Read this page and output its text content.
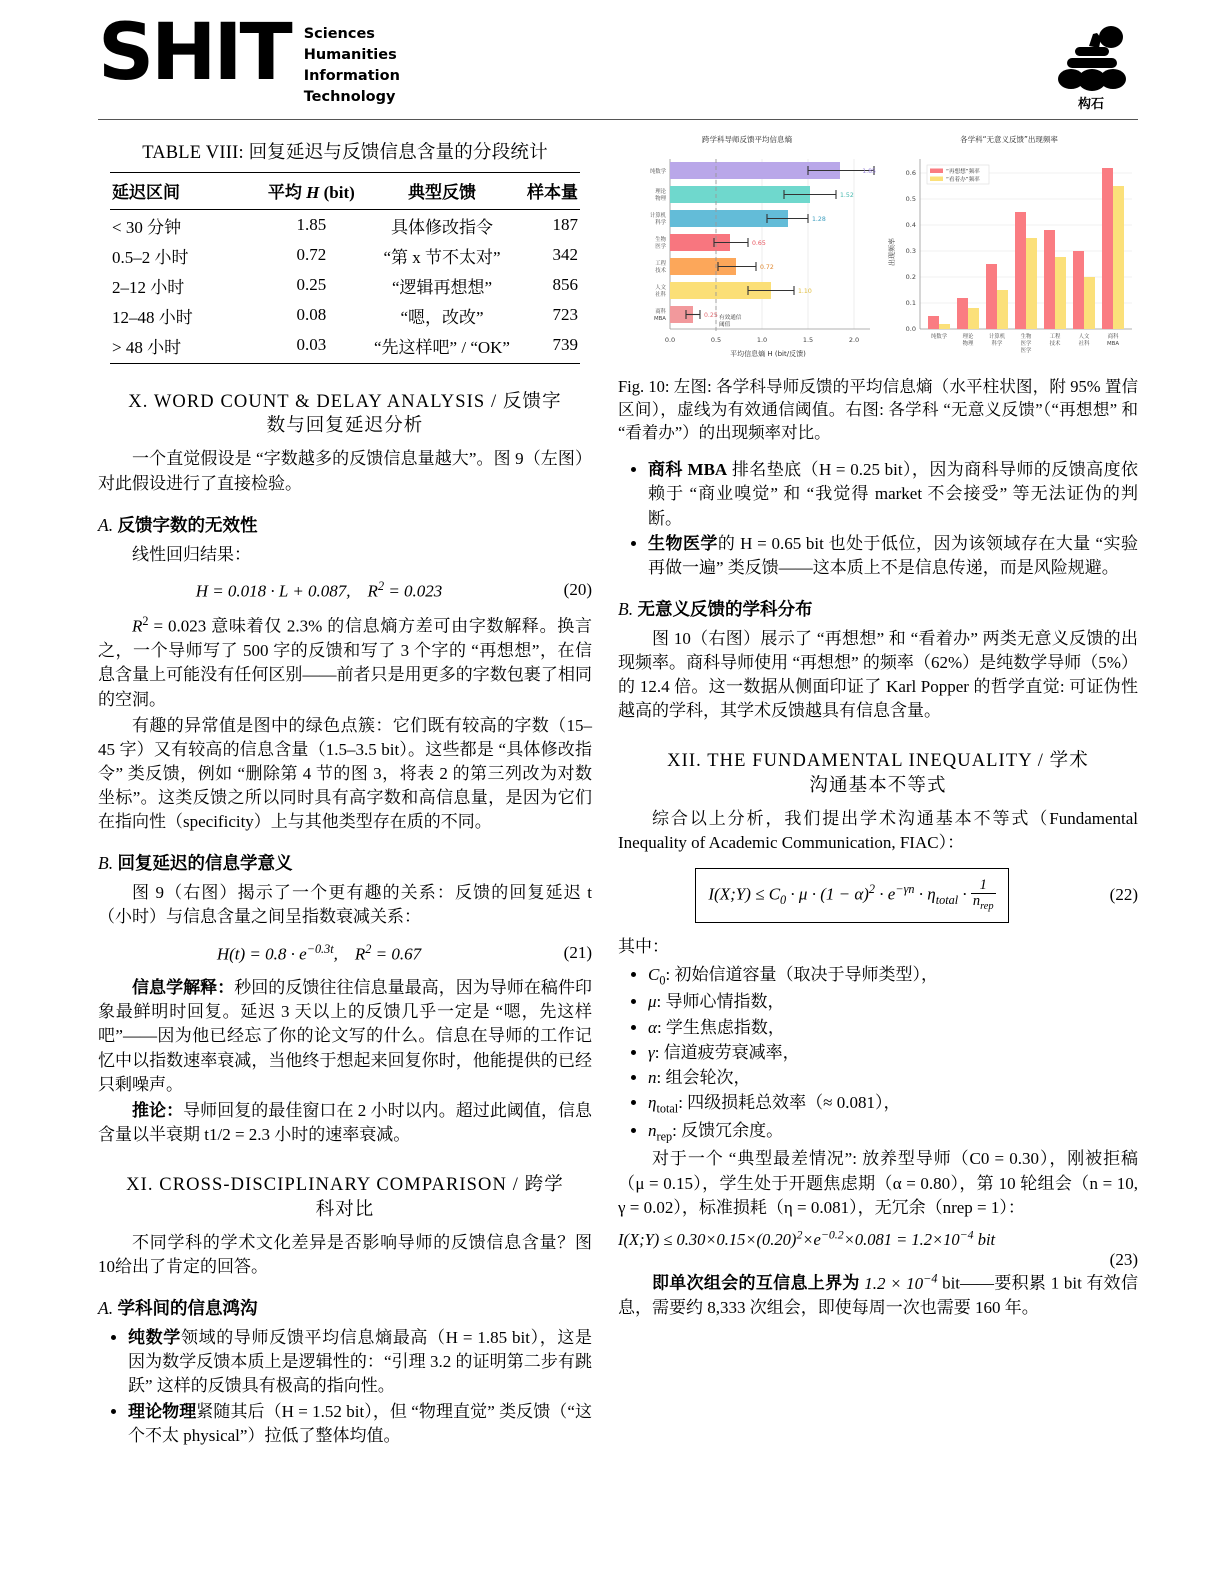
SHIT Sciences
Humanities
Information
Technology	构石
TABLE VIII: 回复延迟与反馈信息含量的分段统计
延迟区间	平均 H (bit)	典型反馈	样本量
< 30 分钟	1.85	具体修改指令	187
0.5–2 小时	0.72	“第 x 节不太对”	342
2–12 小时	0.25	“逻辑再想想”	856
12–48 小时	0.08	“嗯，改改”	723
> 48 小时	0.03	“先这样吧” / “OK”	739

X. WORD COUNT & DELAY ANALYSIS / 反馈字
数与回复延迟分析

一个直觉假设是 “字数越多的反馈信息量越大”。图 9（左图）对此假设进行了直接检验。

A. 反馈字数的无效性

线性回归结果：

H = 0.018 · L + 0.087,    $R^2 = 0.023$	(20)

$R^2 = 0.023$ 意味着仅 2.3% 的信息熵方差可由字数解释。换言之，一个导师写了 500 字的反馈和写了 3 个字的 “再想想”，在信息含量上可能没有任何区别——前者只是用更多的字数包裹了相同的空洞。

有趣的异常值是图中的绿色点簇：它们既有较高的字数（15–45 字）又有较高的信息含量（1.5–3.5 bit）。这些都是 “具体修改指令” 类反馈，例如 “删除第 4 节的图 3，将表 2 的第三列改为对数坐标”。这类反馈之所以同时具有高字数和高信息量，是因为它们在指向性（specificity）上与其他类型存在质的不同。

B. 回复延迟的信息学意义

图 9（右图）揭示了一个更有趣的关系：反馈的回复延迟 t（小时）与信息含量之间呈指数衰减关系：

$H(t) = 0.8 \cdot e^{-0.3t}$,    $R^2 = 0.67$	(21)

信息学解释：秒回的反馈往往信息量最高，因为导师在稿件印象最鲜明时回复。延迟 3 天以上的反馈几乎一定是 “嗯，先这样吧”——因为他已经忘了你的论文写的什么。信息在导师的工作记忆中以指数速率衰减，当他终于想起来回复你时，他能提供的已经只剩噪声。

推论：导师回复的最佳窗口在 2 小时以内。超过此阈值，信息含量以半衰期 t1/2 = 2.3 小时的速率衰减。

XI. CROSS-DISCIPLINARY COMPARISON / 跨学
科对比

不同学科的学术文化差异是否影响导师的反馈信息含量？图 10给出了肯定的回答。

A. 学科间的信息鸿沟
• 纯数学领域的导师反馈平均信息熵最高（H = 1.85 bit），这是因为数学反馈本质上是逻辑性的：“引理 3.2 的证明第二步有跳跃” 这样的反馈具有极高的指向性。
• 理论物理紧随其后（H = 1.52 bit），但 “物理直觉” 类反馈（“这个不太 physical”）拉低了整体均值。
跨学科导师反馈平均信息熵
有效通信
阈值
1.85
1.52
1.28
0.65
0.72
1.10
0.25
纯数学
理论
物理
计算机
科学
生物
医学
工程
技术
人文
社科
商科
MBA
0.0	0.5	1.0	1.5	2.0
平均信息熵 H (bit/反馈)
各学科“无意义反馈”出现频率
“再想想”频率
“看着办”频率
0.0
0.1
0.2
0.3
0.4
0.5
0.6
出现频率
纯数学	理论
物理
计算机
科学
生物
医学
医学
工程
技术
人文
社科
商科
MBA

Fig. 10: 左图: 各学科导师反馈的平均信息熵（水平柱状图，附 95% 置信区间），虚线为有效通信阈值。右图: 各学科 “无意义反馈”（“再想想” 和 “看着办”）的出现频率对比。

• 商科 MBA 排名垫底（H = 0.25 bit），因为商科导师的反馈高度依赖于 “商业嗅觉” 和 “我觉得 market 不会接受” 等无法证伪的判断。
• 生物医学的 H = 0.65 bit 也处于低位，因为该领域存在大量 “实验再做一遍” 类反馈——这本质上不是信息传递，而是风险规避。
B. 无意义反馈的学科分布

图 10（右图）展示了 “再想想” 和 “看着办” 两类无意义反馈的出现频率。商科导师使用 “再想想” 的频率（62%）是纯数学导师（5%）的 12.4 倍。这一数据从侧面印证了 Karl Popper 的哲学直觉: 可证伪性越高的学科，其学术反馈越具有信息含量。

XII. THE FUNDAMENTAL INEQUALITY / 学术
沟通基本不等式

综合以上分析，我们提出学术沟通基本不等式（Fundamental Inequality of Academic Communication, FIAC）：

I(X;Y) ≤ $C_0 \cdot \mu \cdot (1 - \alpha)^2 \cdot e^{-\gamma n} \cdot \eta_{total} \cdot \frac{1}{n_{rep}}$	(22)

其中：

• $C_0$: 初始信道容量（取决于导师类型），
• μ: 导师心情指数，
• α: 学生焦虑指数，
• γ: 信道疲劳衰减率，
• n: 组会轮次，
• $\eta_{total}$: 四级损耗总效率（≈ 0.081），
• $n_{rep}$: 反馈冗余度。

对于一个 “典型最差情况”: 放养型导师（C0 = 0.30），刚被拒稿（μ = 0.15），学生处于开题焦虑期（α = 0.80），第 10 轮组会（n = 10, γ = 0.02），标准损耗（η = 0.081），无冗余（nrep = 1）：

I(X;Y) ≤ $0.30\times 0.15\times(0.20)^2\times e^{-0.2}\times 0.081 = 1.2\times 10^{-4}$ bit
(23)

即单次组会的互信息上界为 $1.2 \times 10^{-4}$ bit——要积累 1 bit 有效信息，需要约 8,333 次组会，即使每周一次也需要 160 年。
